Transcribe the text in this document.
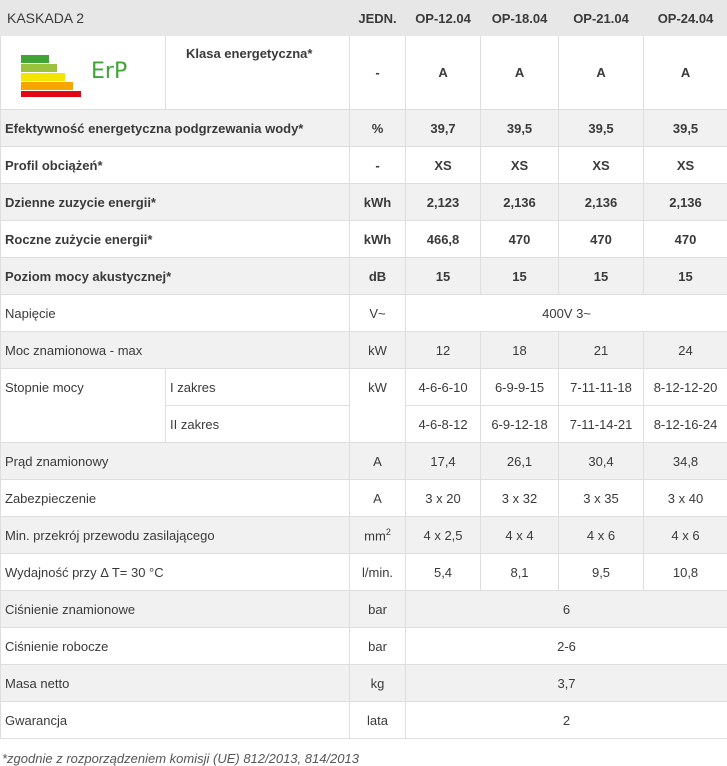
KASKADA 2		JEDN.	OP-12.04	OP-18.04	OP-21.04	OP-24.04

ErP	Klasa energetyczna*	-	A	A	A	A
Efektywność energetyczna podgrzewania wody*		%	39,7	39,5	39,5	39,5
Profil obciążeń*		-	XS	XS	XS	XS
Dzienne zuzycie energii*		kWh	2,123	2,136	2,136	2,136
Roczne zużycie energii*		kWh	466,8	470	470	470
Poziom mocy akustycznej*		dB	15	15	15	15
Napięcie		V~	400V 3~			
Moc znamionowa - max		kW	12	18	21	24
Stopnie mocy	I zakres	kW	4-6-6-10	6-9-9-15	7-11-11-18	8-12-12-20
	II zakres		4-6-8-12	6-9-12-18	7-11-14-21	8-12-16-24
Prąd znamionowy		A	17,4	26,1	30,4	34,8
Zabezpieczenie		A	3 x 20	3 x 32	3 x 35	3 x 40
Min. przekrój przewodu zasilającego		$mm^2$	4 x 2,5	4 x 4	4 x 6	4 x 6
Wydajność przy Δ T= 30 °C		l/min.	5,4	8,1	9,5	10,8
Ciśnienie znamionowe		bar	6			
Ciśnienie robocze		bar	2-6			
Masa netto		kg	3,7			
Gwarancja		lata	2			
*zgodnie z rozporządzeniem komisji (UE) 812/2013, 814/2013
